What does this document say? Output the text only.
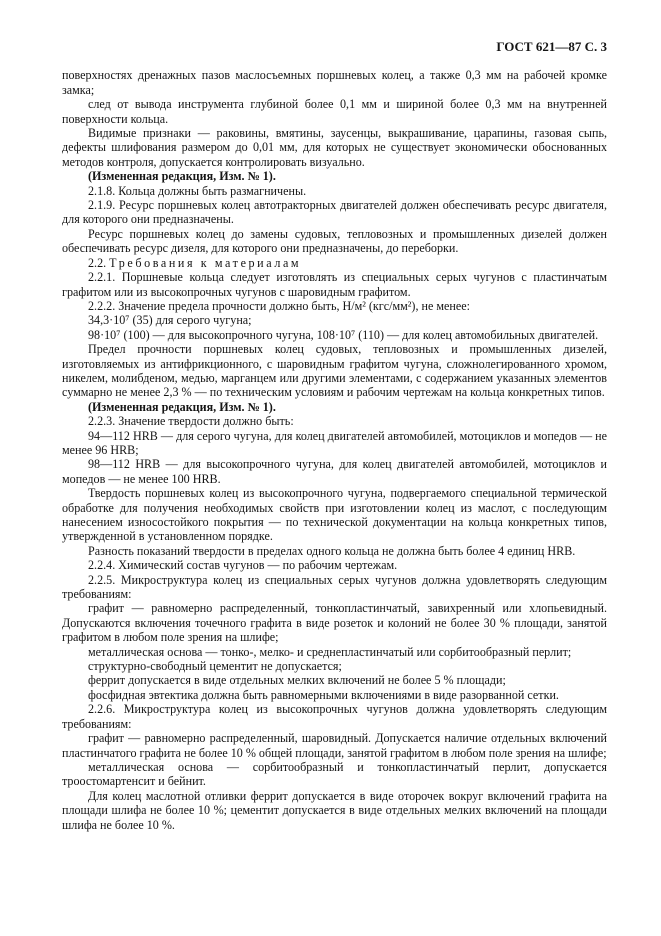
ГОСТ 621—87 С. 3

поверхностях дренажных пазов маслосъемных поршневых колец, а также 0,3 мм на рабочей кромке замка;

след от вывода инструмента глубиной более 0,1 мм и шириной более 0,3 мм на внутренней поверхности кольца.

Видимые признаки — раковины, вмятины, заусенцы, выкрашивание, царапины, газовая сыпь, дефекты шлифования размером до 0,01 мм, для которых не существует экономически обоснованных методов контроля, допускается контролировать визуально.

(Измененная редакция, Изм. № 1).

2.1.8. Кольца должны быть размагничены.

2.1.9. Ресурс поршневых колец автотракторных двигателей должен обеспечивать ресурс двигателя, для которого они предназначены.

Ресурс поршневых колец до замены судовых, тепловозных и промышленных дизелей должен обеспечивать ресурс дизеля, для которого они предназначены, до переборки.

2.2. Требования к материалам

2.2.1. Поршневые кольца следует изготовлять из специальных серых чугунов с пластинчатым графитом или из высокопрочных чугунов с шаровидным графитом.

2.2.2. Значение предела прочности должно быть, Н/м² (кгс/мм²), не менее:

34,3·10⁷ (35) для серого чугуна;

98·10⁷ (100) — для высокопрочного чугуна, 108·10⁷ (110) — для колец автомобильных двигателей.

Предел прочности поршневых колец судовых, тепловозных и промышленных дизелей, изготовляемых из антифрикционного, с шаровидным графитом чугуна, сложнолегированного хромом, никелем, молибденом, медью, марганцем или другими элементами, с содержанием указанных элементов суммарно не менее 2,3 % — по техническим условиям и рабочим чертежам на кольца конкретных типов.

(Измененная редакция, Изм. № 1).

2.2.3. Значение твердости должно быть:

94—112 HRB — для серого чугуна, для колец двигателей автомобилей, мотоциклов и мопедов — не менее 96 HRB;

98—112 HRB — для высокопрочного чугуна, для колец двигателей автомобилей, мотоциклов и мопедов — не менее 100 HRB.

Твердость поршневых колец из высокопрочного чугуна, подвергаемого специальной термической обработке для получения необходимых свойств при изготовлении колец из маслот, с последующим нанесением износостойкого покрытия — по технической документации на кольца конкретных типов, утвержденной в установленном порядке.

Разность показаний твердости в пределах одного кольца не должна быть более 4 единиц HRB.

2.2.4. Химический состав чугунов — по рабочим чертежам.

2.2.5. Микроструктура колец из специальных серых чугунов должна удовлетворять следующим требованиям:

графит — равномерно распределенный, тонкопластинчатый, завихренный или хлопьевидный. Допускаются включения точечного графита в виде розеток и колоний не более 30 % площади, занятой графитом в любом поле зрения на шлифе;

металлическая основа — тонко-, мелко- и среднепластинчатый или сорбитообразный перлит;

структурно-свободный цементит не допускается;

феррит допускается в виде отдельных мелких включений не более 5 % площади;

фосфидная эвтектика должна быть равномерными включениями в виде разорванной сетки.

2.2.6. Микроструктура колец из высокопрочных чугунов должна удовлетворять следующим требованиям:

графит — равномерно распределенный, шаровидный. Допускается наличие отдельных включений пластинчатого графита не более 10 % общей площади, занятой графитом в любом поле зрения на шлифе;

металлическая основа — сорбитообразный и тонкопластинчатый перлит, допускается троостомартенсит и бейнит.

Для колец маслотной отливки феррит допускается в виде оторочек вокруг включений графита на площади шлифа не более 10 %; цементит допускается в виде отдельных мелких включений на площади шлифа не более 10 %.
